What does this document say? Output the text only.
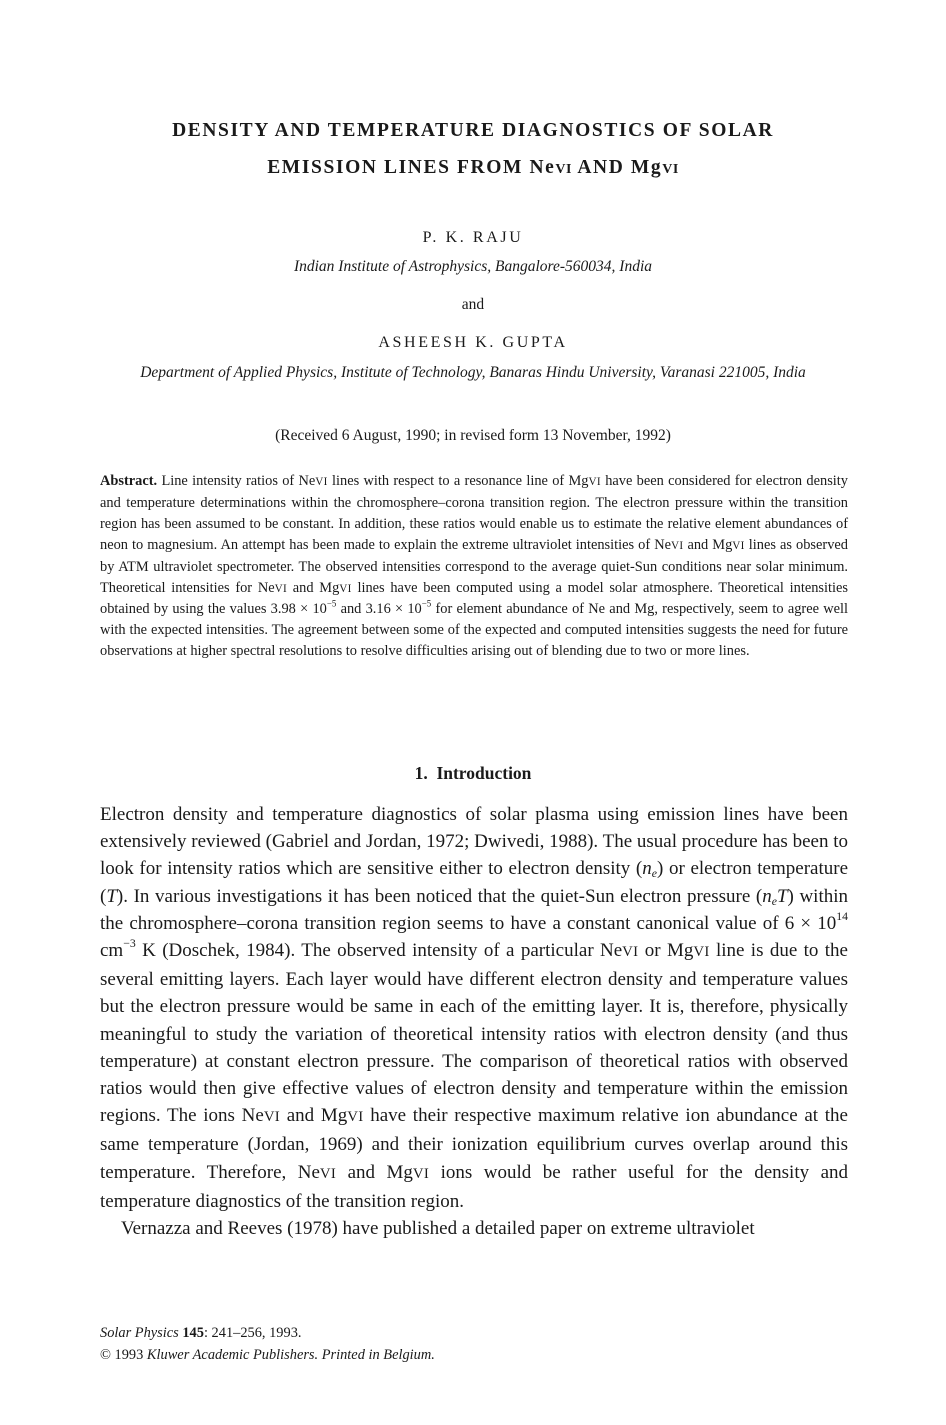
DENSITY AND TEMPERATURE DIAGNOSTICS OF SOLAR
EMISSION LINES FROM NeVI AND MgVI
P. K. RAJU
Indian Institute of Astrophysics, Bangalore-560034, India
and
ASHEESH K. GUPTA
Department of Applied Physics, Institute of Technology, Banaras Hindu University, Varanasi 221005, India
(Received 6 August, 1990; in revised form 13 November, 1992)

Abstract. Line intensity ratios of NeVI lines with respect to a resonance line of MgVI have been considered for electron density and temperature determinations within the chromosphere–corona transition region. The electron pressure within the transition region has been assumed to be constant. In addition, these ratios would enable us to estimate the relative element abundances of neon to magnesium. An attempt has been made to explain the extreme ultraviolet intensities of NeVI and MgVI lines as observed by ATM ultraviolet spectrometer. The observed intensities correspond to the average quiet-Sun conditions near solar minimum. Theoretical intensities for NeVI and MgVI lines have been computed using a model solar atmosphere. Theoretical intensities obtained by using the values $3.98 \times 10^{-5}$ and $3.16 \times 10^{-5}$ for element abundance of Ne and Mg, respectively, seem to agree well with the expected intensities. The agreement between some of the expected and computed intensities suggests the need for future observations at higher spectral resolutions to resolve difficulties arising out of blending due to two or more lines.

1. Introduction

Electron density and temperature diagnostics of solar plasma using emission lines have been extensively reviewed (Gabriel and Jordan, 1972; Dwivedi, 1988). The usual procedure has been to look for intensity ratios which are sensitive either to electron density $(n_e)$ or electron temperature (T). In various investigations it has been noticed that the quiet-Sun electron pressure $(n_eT)$ within the chromosphere–corona transition region seems to have a constant canonical value of $6 \times 10^{14}$ $cm^{-3}$ K (Doschek, 1984). The observed intensity of a particular NeVI or MgVI line is due to the several emitting layers. Each layer would have different electron density and temperature values but the electron pressure would be same in each of the emitting layer. It is, therefore, physically meaningful to study the variation of theoretical intensity ratios with electron density (and thus temperature) at constant electron pressure. The comparison of theoretical ratios with observed ratios would then give effective values of electron density and temperature within the emission regions. The ions NeVI and MgVI have their respective maximum relative ion abundance at the same temperature (Jordan, 1969) and their ionization equilibrium curves overlap around this temperature. Therefore, NeVI and MgVI ions would be rather useful for the density and temperature diagnostics of the transition region.

Vernazza and Reeves (1978) have published a detailed paper on extreme ultraviolet

Solar Physics 145: 241–256, 1993.
© 1993 Kluwer Academic Publishers. Printed in Belgium.
